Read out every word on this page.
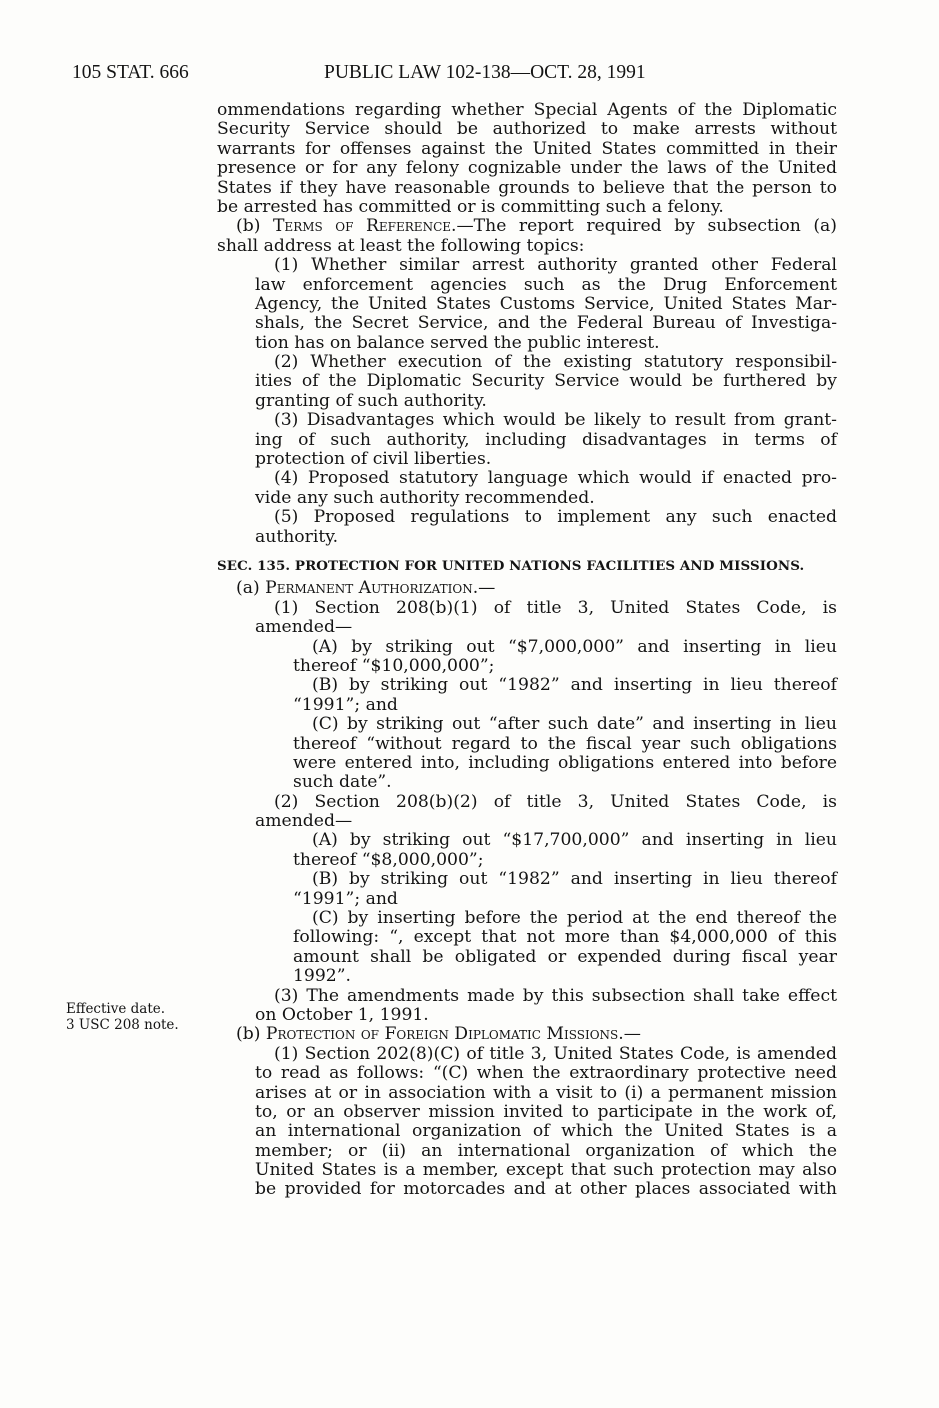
105 STAT. 666	PUBLIC LAW 102-138—OCT. 28, 1991
ommendations regarding whether Special Agents of the Diplomatic
Security Service should be authorized to make arrests without
warrants for offenses against the United States committed in their
presence or for any felony cognizable under the laws of the United
States if they have reasonable grounds to believe that the person to
be arrested has committed or is committing such a felony.
(b) Terms of Reference.—The report required by subsection (a)
shall address at least the following topics:
(1) Whether similar arrest authority granted other Federal
law enforcement agencies such as the Drug Enforcement
Agency, the United States Customs Service, United States Mar-
shals, the Secret Service, and the Federal Bureau of Investiga-
tion has on balance served the public interest.
(2) Whether execution of the existing statutory responsibil-
ities of the Diplomatic Security Service would be furthered by
granting of such authority.
(3) Disadvantages which would be likely to result from grant-
ing of such authority, including disadvantages in terms of
protection of civil liberties.
(4) Proposed statutory language which would if enacted pro-
vide any such authority recommended.
(5) Proposed regulations to implement any such enacted
authority.
SEC. 135. PROTECTION FOR UNITED NATIONS FACILITIES AND MISSIONS.
(a) Permanent Authorization.—
(1) Section 208(b)(1) of title 3, United States Code, is
amended—
(A) by striking out “$7,000,000” and inserting in lieu
thereof “$10,000,000”;
(B) by striking out “1982” and inserting in lieu thereof
“1991”; and
(C) by striking out “after such date” and inserting in lieu
thereof “without regard to the fiscal year such obligations
were entered into, including obligations entered into before
such date”.
(2) Section 208(b)(2) of title 3, United States Code, is
amended—
(A) by striking out “$17,700,000” and inserting in lieu
thereof “$8,000,000”;
(B) by striking out “1982” and inserting in lieu thereof
“1991”; and
(C) by inserting before the period at the end thereof the
following: “, except that not more than $4,000,000 of this
amount shall be obligated or expended during fiscal year
1992”.
(3) The amendments made by this subsection shall take effect
on October 1, 1991.
(b) Protection of Foreign Diplomatic Missions.—
(1) Section 202(8)(C) of title 3, United States Code, is amended
to read as follows: “(C) when the extraordinary protective need
arises at or in association with a visit to (i) a permanent mission
to, or an observer mission invited to participate in the work of,
an international organization of which the United States is a
member; or (ii) an international organization of which the
United States is a member, except that such protection may also
be provided for motorcades and at other places associated with
Effective date.
3 USC 208 note.
